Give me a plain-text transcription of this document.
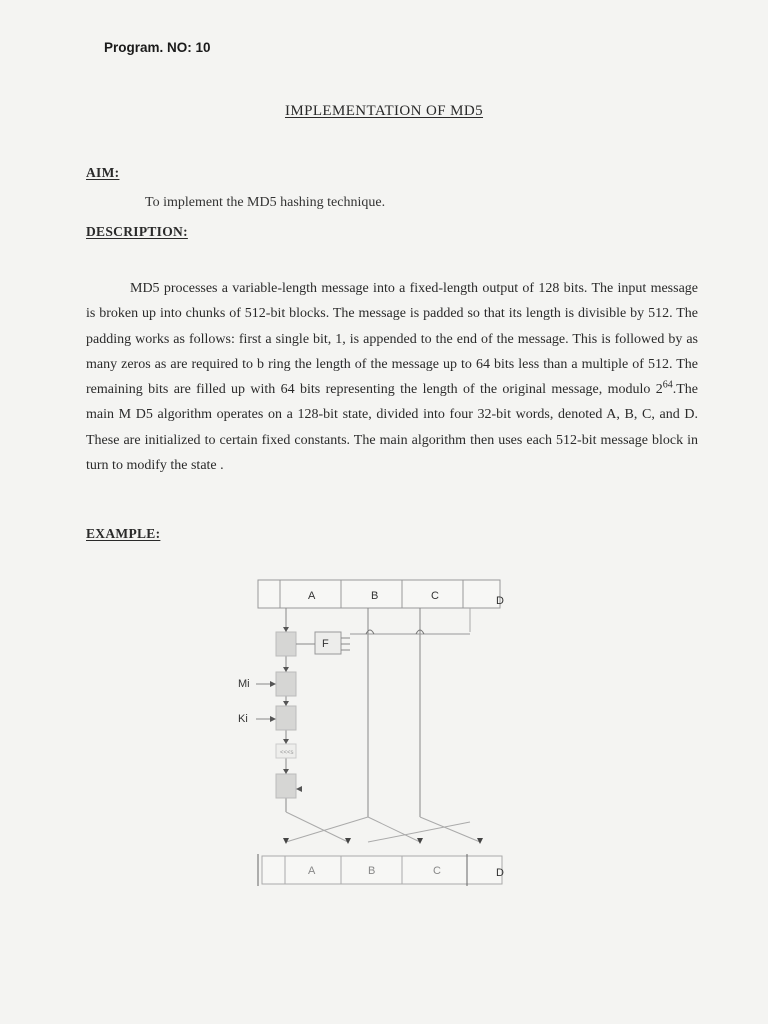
Program. NO: 10
IMPLEMENTATION OF MD5
AIM:
To implement the MD5 hashing technique.
DESCRIPTION:
MD5 processes a variable-length message into a fixed-length output of 128 bits. The input message is broken up into chunks of 512-bit blocks. The message is padded so that its length is divisible by 512. The padding works as follows: first a single bit, 1, is appended to the end of the message. This is followed by as many zeros as are required to b ring the length of the message up to 64 bits less than a multiple of 512. The remaining bits are filled up with 64 bits representing the length of the original message, modulo $2^{64}.The$ main M D5 algorithm operates on a 128-bit state, divided into four 32-bit words, denoted A, B, C, and D. These are initialized to certain fixed constants. The main algorithm then uses each 512-bit message block in turn to modify the state .
EXAMPLE:
A	B	C	D
F
<<<s
Mi
Ki
A	B	C	D
